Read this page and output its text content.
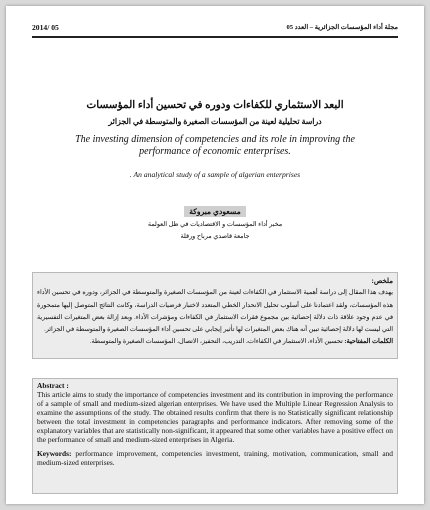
مجلة أداء المؤسسات الجزائرية – العدد 05
2014/ 05
البعد الاستثماري للكفاءات ودوره في تحسين أداء المؤسسات
دراسة تحليلية لعينة من المؤسسات الصغيرة والمتوسطة في الجزائر
The investing dimension of competencies and its role in improving the performance of economic enterprises.
. An analytical study of a sample of algerian enterprises
مسعودي مبروكة
مخبر أداء المؤسسات و الاقتصاديات في ظل العولمة
جامعة قاصدي مرباح ورقلة
ملخص:

يهدف هذا المقال إلى دراسة أهمية الاستثمار في الكفاءات لعينة من المؤسسات الصغيرة والمتوسطة في الجزائر، ودوره في تحسين الأداء هذه المؤسسات، ولقد اعتمادنا على أسلوب تحليل الانحدار الخطي المتعدد لاختبار فرضيات الدراسة، وكانت النتائج المتوصل إليها متمحورة في عدم وجود علاقة ذات دلالة إحصائية بين مجموع فقرات الاستثمار في الكفاءات ومؤشرات الأداء. وبعد إزالة بعض المتغيرات التفسيرية التي ليست لها دلالة إحصائية تبين أنه هناك بعض المتغيرات لها تأثير إيجابي على تحسين أداء المؤسسات الصغيرة والمتوسطة في الجزائر.

الكلمات المفتاحية: تحسين الأداء، الاستثمار في الكفاءات، التدريب، التحفيز، الاتصال، المؤسسات الصغيرة والمتوسطة.

Abstract :

This article aims to study the importance of competencies investment and its contribution in improving the performance of a sample of small and medium-sized algerian enterprises. We have used the Multiple Linear Regression Analysis to examine the assumptions of the study. The obtained results confirm that there is no Statistically significant relationship between the total investment in competencies paragraphs and performance indicators. After removing some of the explanatory variables that are statistically non-significant, it appeared that some other variables have a positive effect on the performance of small and medium-sized enterprises in Algeria.

Keywords: performance improvement, competencies investment, training, motivation, communication, small and medium-sized enterprises.
